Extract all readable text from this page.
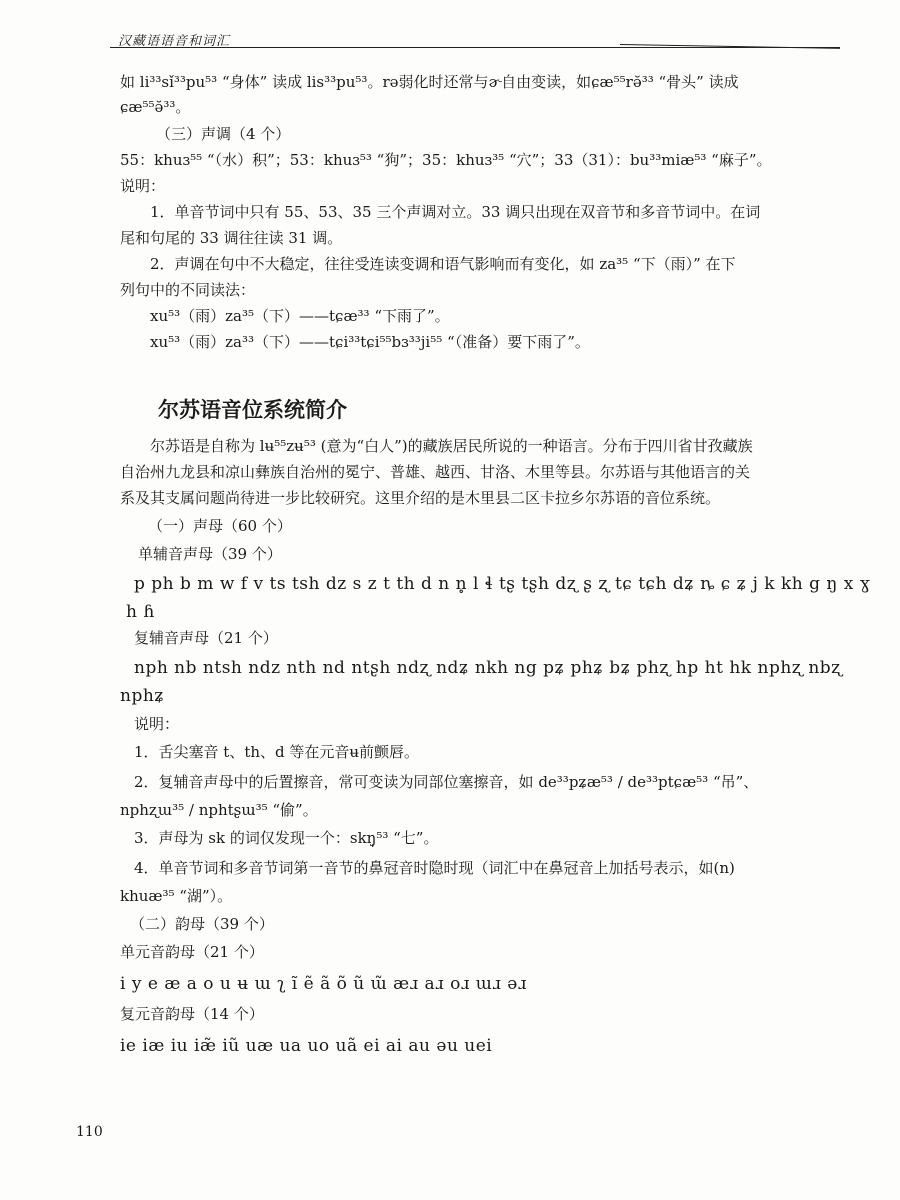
汉藏语语音和词汇
如 li³³sǐ³³pu⁵³ “身体” 读成 lis³³pu⁵³。rə弱化时还常与ɚ自由变读，如ɕæ⁵⁵rə̆³³ “骨头” 读成
ɕæ⁵⁵ə̆³³。
（三）声调（4 个）
55：khuɜ⁵⁵ “（水）积”；53：khuɜ⁵³ “狗”；35：khuɜ³⁵ “穴”；33（31）：bu³³miæ⁵³ “麻子”。
说明：
1．单音节词中只有 55、53、35 三个声调对立。33 调只出现在双音节和多音节词中。在词
尾和句尾的 33 调往往读 31 调。
2．声调在句中不大稳定，往往受连读变调和语气影响而有变化，如 za³⁵ “下（雨）” 在下
列句中的不同读法：
xu⁵³（雨）za³⁵（下）——tɕæ³³ “下雨了”。
xu⁵³（雨）za³³（下）——tɕi³³tɕi⁵⁵bɜ³³ji⁵⁵ “（准备）要下雨了”。
尔苏语音位系统简介
尔苏语是自称为 lʉ⁵⁵zʉ⁵³ (意为“白人”)的藏族居民所说的一种语言。分布于四川省甘孜藏族
自治州九龙县和凉山彝族自治州的冕宁、普雄、越西、甘洛、木里等县。尔苏语与其他语言的关
系及其支属问题尚待进一步比较研究。这里介绍的是木里县二区卡拉乡尔苏语的音位系统。
（一）声母（60 个）
单辅音声母（39 个）
p ph b m w f v ts tsh dz s z t th d n n̥ l ɬ tʂ tʂh dʐ ʂ ʐ tɕ tɕh dʑ ȵ ɕ ʑ j k kh g ŋ x ɣ
h ɦ
复辅音声母（21 个）
nph nb ntsh ndz nth nd ntʂh ndʐ ndʑ nkh ng pʑ phʑ bʑ phʐ hp ht hk nphʐ nbʐ
nphʑ
说明：
1．舌尖塞音 t、th、d 等在元音ʉ前颤唇。
2．复辅音声母中的后置擦音，常可变读为同部位塞擦音，如 de³³pʑæ⁵³ / de³³ptɕæ⁵³ “吊”、
nphʐɯ³⁵ / nphtʂɯ³⁵ “偷”。
3．声母为 sk 的词仅发现一个：skŋ̩⁵³ “七”。
4．单音节词和多音节词第一音节的鼻冠音时隐时现（词汇中在鼻冠音上加括号表示，如(n)
khuæ³⁵ “湖”）。
（二）韵母（39 个）
单元音韵母（21 个）
i y e æ a o u ʉ ɯ ʅ ĩ ẽ ã õ ũ ɯ̃ æɹ aɹ oɹ ɯɹ əɹ
复元音韵母（14 个）
ie iæ iu iæ̃ iũ uæ ua uo uã ei ai au əu uei
110
